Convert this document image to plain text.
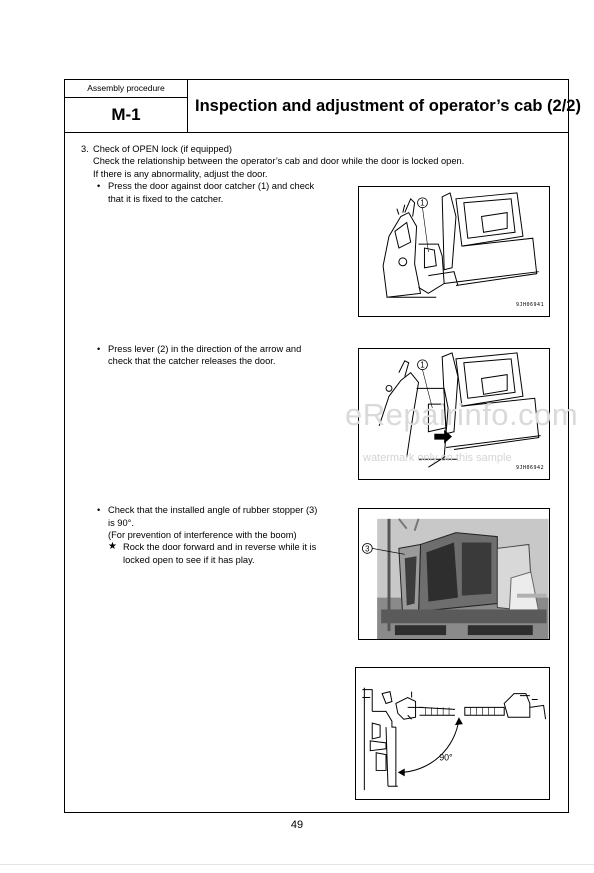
Assembly procedure
M-1	Inspection and adjustment of operator’s cab (2/2)
3. Check of OPEN lock (if equipped)
Check the relationship between the operator’s cab and door while the door is locked open.
If there is any abnormality, adjust the door.
• Press the door against door catcher (1) and check
that it is fixed to the catcher.
• Press lever (2) in the direction of the arrow and
check that the catcher releases the door.
• Check that the installed angle of rubber stopper (3)
is 90°.
(For prevention of interference with the boom)
★ Rock the door forward and in reverse while it is
locked open to see if it has play.
1
9JH06941
1
9JH06942
3
90°
eRepairinfo.com
watermark only on this sample
49
